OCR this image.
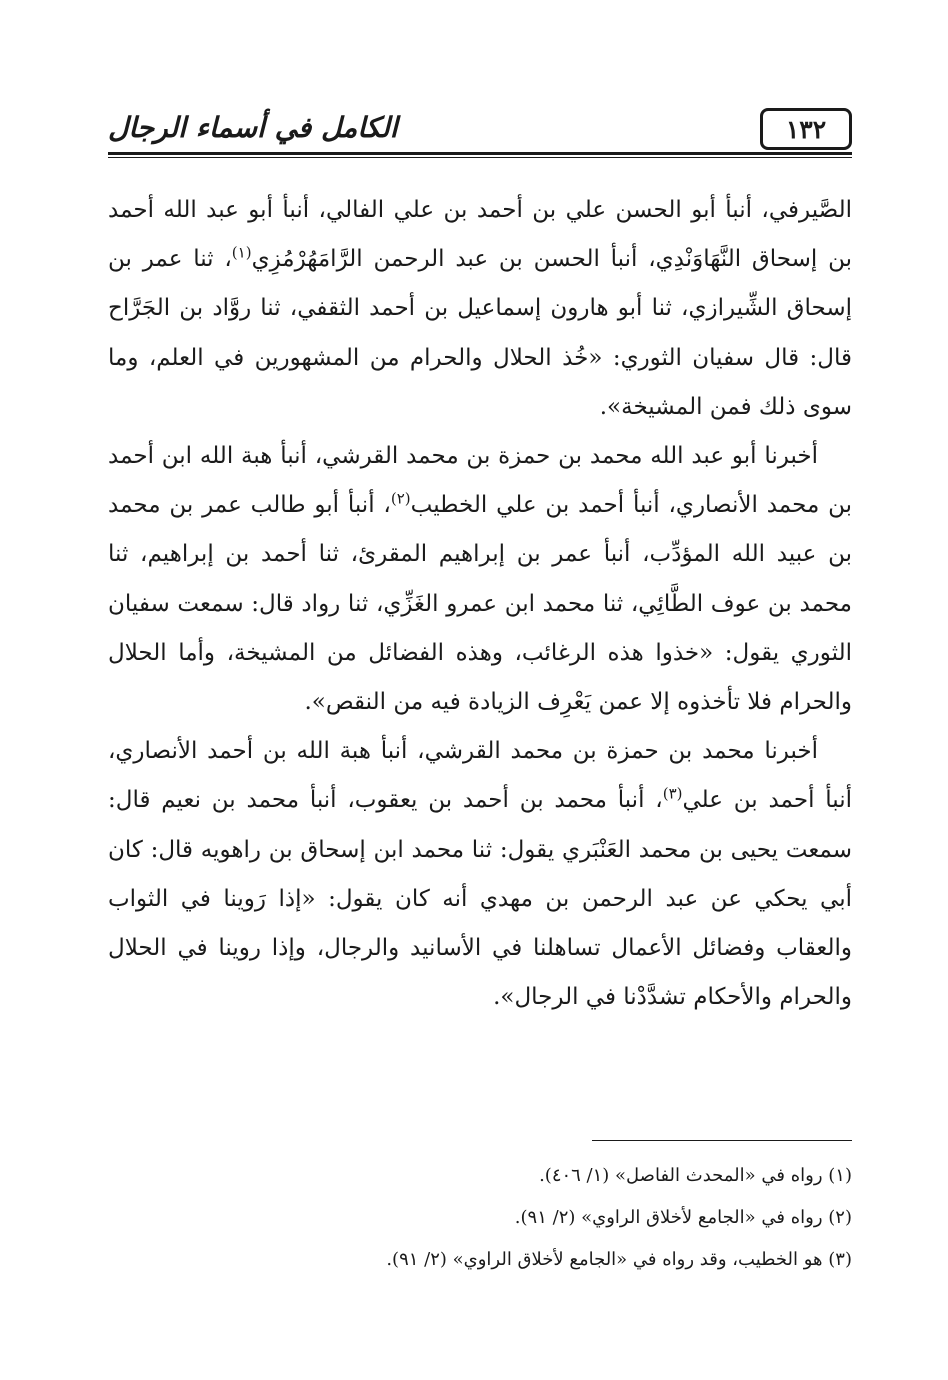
١٣٢
الكامل في أسماء الرجال

الصَّيرفي، أنبأ أبو الحسن علي بن أحمد بن علي الفالي، أنبأ أبو عبد الله أحمد بن إسحاق النَّهَاوَنْدِي، أنبأ الحسن بن عبد الرحمن الرَّامَهُرْمُزِي$^{(١)}$، ثنا عمر بن إسحاق الشِّيرازي، ثنا أبو هارون إسماعيل بن أحمد الثقفي، ثنا روَّاد بن الجَرَّاح قال: قال سفيان الثوري: «خُذ الحلال والحرام من المشهورين في العلم، وما سوى ذلك فمن المشيخة».

أخبرنا أبو عبد الله محمد بن حمزة بن محمد القرشي، أنبأ هبة الله ابن أحمد بن محمد الأنصاري، أنبأ أحمد بن علي الخطيب$^{(٢)}$، أنبأ أبو طالب عمر بن محمد بن عبيد الله المؤدِّب، أنبأ عمر بن إبراهيم المقرئ، ثنا أحمد بن إبراهيم، ثنا محمد بن عوف الطَّائِي، ثنا محمد ابن عمرو الغَزِّي، ثنا رواد قال: سمعت سفيان الثوري يقول: «خذوا هذه الرغائب، وهذه الفضائل من المشيخة، وأما الحلال والحرام فلا تأخذوه إلا عمن يَعْرِف الزيادة فيه من النقص».

أخبرنا محمد بن حمزة بن محمد القرشي، أنبأ هبة الله بن أحمد الأنصاري، أنبأ أحمد بن علي$^{(٣)}$، أنبأ محمد بن أحمد بن يعقوب، أنبأ محمد بن نعيم قال: سمعت يحيى بن محمد العَنْبَري يقول: ثنا محمد ابن إسحاق بن راهويه قال: كان أبي يحكي عن عبد الرحمن بن مهدي أنه كان يقول: «إذا رَوينا في الثواب والعقاب وفضائل الأعمال تساهلنا في الأسانيد والرجال، وإذا روينا في الحلال والحرام والأحكام تشدَّدْنا في الرجال».

(١) رواه في «المحدث الفاصل» (١/ ٤٠٦).

(٢) رواه في «الجامع لأخلاق الراوي» (٢/ ٩١).

(٣) هو الخطيب، وقد رواه في «الجامع لأخلاق الراوي» (٢/ ٩١).
